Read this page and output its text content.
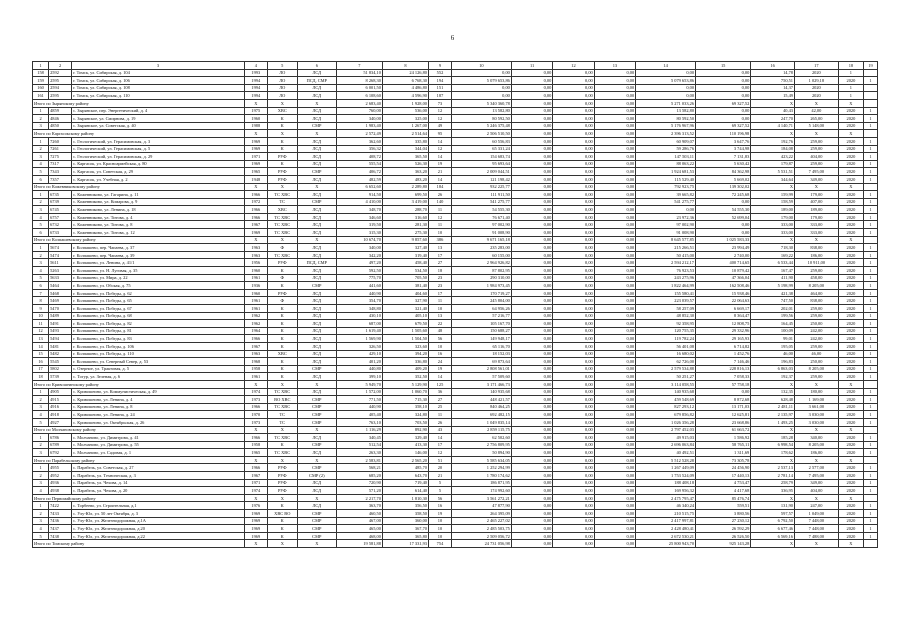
6
1	2	3	4	5	6	7	8	9	10	11	12	13	14	15	16	17	18	19
158	2592	г. Томск, ул. Сибирская, д. 104	1993	ЛО	ЛСД	51 834,10	24 126,80	552	0,00	0,00	0,00	0,00	0,00	0,00	14,78	2020	1	
159	2595	г. Томск, ул. Сибирская, д. 106	1994	ЛО	ПСД, СМР	8 268,30	6 768,30	194	5 079 653,86	0,00	0,00	0,00	5 079 653,86	0,00	750,51	1 029,18	2020	1
160	2594	г. Томск, ул. Сибирская, д. 108	1994	ЛО	ЛСД	6 001,50	4 486,80	151	0,00	0,00	0,00	0,00	0,00	0,00	14,37	2020	1	
161	2595	г. Томск, ул. Сибирская, д. 110	1994	ЛО	ЛСД	6 108,60	4 596,90	187	0,00	0,00	0,00	0,00	0,00	0,00	15,49	2020	1	
Итого по Зырянскому району			X	X	X	2 683,40	1 928,00	73	5 340 360,78	0,00	0,00	0,00	5 271 033,26	69 327,52	X	X	X	
1	4859	с. Зырянское, пер. Энергетический, д. 4	1975	ХВС	ЛСД	760,00	536,00	12	13 582,80	0,00	0,00	0,00	13 582,80	0,00	40,43	42,00	2020	1
2	4846	с. Зырянское, ул. Смирнова, д. 19	1960	К	ЛСД	340,00	325,00	12	80 592,50	0,00	0,00	0,00	80 592,50	0,00	247,70	265,00	2020	1
3	4850	с. Зырянское, ул. Советская, д. 40	1988	К	СМР	1 983,40	1 267,00	49	5 246 375,48	0,00	0,00	0,00	5 176 967,96	69 327,52	4 140,71	5 148,00	2020	1
Итого по Каргасокскому району			X	X	X	2 572,49	2 514,64	95	2 506 510,50	0,00	0,00	0,00	2 396 313,52	110 196,98	X	X	X	
1	7260	с. Геологический, ул. Герасимовская, д. 3	1969	К	ЛСД	362,60	335,80	14	60 556,83	0,00	0,00	0,00	60 909,07	3 647,76	192,76	259,00	2020	1
2	7261	с. Геологический, ул. Герасимовская, д. 5	1969	К	ЛСД	356,32	344,04	12	65 331,24	0,00	0,00	0,00	59 286,76	3 744,98	184,08	259,00	2020	1
3	7275	с. Геологический, ул. Герасимовская, д. 29	1971	РУФ	ЛСД	408,72	365,50	14	154 683,74	0,00	0,00	0,00	147 503,11	7 131,83	423,22	404,00	2020	1
4	7317	с. Каргасок, ул. Красноармейская, д. 80	1969	К	ЛСД	555,54	526,30	19	95 693,64	0,00	0,00	0,00	88 063,22	5 630,42	179,87	259,00	2020	1
5	7343	с. Каргасок, ул. Советская, д. 29	1965	РУФ	СМР	406,72	363,20	21	2 009 044,51	0,00	0,00	0,00	1 924 681,53	84 362,98	5 531,51	7 495,00	2020	1
6	7357	с. Каргасок, ул. Учебная, д. 2	1948	РУФ	ЛСД	482,59	483,20	14	121 198,42	0,00	0,00	0,00	115 529,40	5 669,02	344,64	349,00	2020	1
Итого по Кожевниковскому району			X	X	X	6 652,60	2 289,80	184	932 225,77	0,00	0,00	0,00	792 923,75	139 302,02	X	X	X	
1	6735	с. Кожевниково, ул. Гагарина, д. 11	1966	ТС ХВС	ЛСД	914,50	699,50	26	111 911,50	0,00	0,00	0,00	39 665,82	72 245,68	159,99	179,00	2020	1
2	6739	с. Кожевниково, ул. Комарова, д. 9	1972	ТС	СМР	4 410,00	3 419,00	140	541 275,77	0,00	0,00	0,00	541 275,77	0,00	158,59	407,00	2020	1
3	6745	с. Кожевниково, ул. Ленина, д. 18	1966	ХВС	ЛСД	348,70	288,70	11	54 555,30	0,00	0,00	0,00	0,00	54 555,30	189,00	189,00	2020	1
4	6757	с. Кожевниково, ул. Титова, д. 4	1966	ТС ХВС	ЛСД	346,60	316,60	12	76 671,40	0,00	0,00	0,00	23 972,36	52 699,04	179,00	179,00	2020	1
5	6732	с. Кожевниково, ул. Титова, д. 8	1967	ТС ХВС	ЛСД	319,50	281,30	11	97 002,90	0,00	0,00	0,00	97 002,90	0,00	333,00	333,00	2020	1
6	6733	с. Кожевниково, ул. Титова, д. 12	1969	ТС ХВС	ЛСД	315,30	275,30	10	91 008,90	0,00	0,00	0,00	91 008,90	0,00	333,00	333,00	2020	1
Итого по Колпашевскому району			X	X	X	10 674,70	9 857,60	386	9 671 165,18	0,00	0,00	0,00	8 645 577,85	1 025 583,33	X	X	X	
1	5674	г. Колпашево, пер. Чапаева, д. 37	1963	Ф	ЛСД	340,00	327,40	13	235 283,00	0,00	0,00	0,00	215 266,51	23 994,49	718,30	838,00	2020	1
2	5474	г. Колпашево, пер. Чапаева, д. 39	1963	ТС ХВС	ЛСД	342,20	319,40	17	60 155,00	0,00	0,00	0,00	50 415,00	2 740,00	169,22	186,00	2020	1
3	5611	г. Колпашево, ул. Ленина, д. 41/1	1956	РУФ	ПСД, СМР	497,20	458,40	27	2 964 926,82	0,00	0,00	0,00	2 594 212,17	400 714,65	6 533,44	10 911,00	2020	1
4	5263	г. Колпашево, ул. Н. Луговая, д. 35	1960	К	ЛСД	592,50	534,50	18	87 802,95	0,00	0,00	0,00	76 923,53	10 879,42	167,47	259,00	2020	1
5	5633	г. Колпашево, ул. Мира, д. 22	1961	Ф	ЛСД	775,70	705,50	23	290 310,00	0,00	0,00	0,00	243 275,96	47 366,04	411,90	458,00	2020	1
6	5464	г. Колпашево, ул. Обская, д. 75	1936	К	СМР	441,60	381,40	23	1 984 973,45	0,00	0,00	0,00	1 822 464,99	162 508,46	5 198,99	8 205,00	2020	1
7	5468	г. Колпашево, ул. Победы, д. 62	1960	РУФ	ЛСД	440,90	404,60	17	170 719,27	0,00	0,00	0,00	155 580,41	15 938,46	421,38	464,00	2020	1
8	5469	г. Колпашево, ул. Победы, д. 65	1961	Ф	ЛСД	354,70	327,90	11	245 804,00	0,00	0,00	0,00	223 039,57	22 064,63	747,50	838,00	2020	1
9	5470	г. Колпашево, ул. Победы, д. 67	1961	К	ЛСД	348,80	321,40	10	64 956,26	0,00	0,00	0,00	58 257,09	6 669,17	202,01	259,00	2020	1
10	5489	г. Колпашево, ул. Победы, д. 68	1962	К	ЛСД	430,10	405,10	13	57 216,77	0,00	0,00	0,00	48 852,30	8 364,47	199,56	259,00	2020	1
11	5491	г. Колпашево, ул. Победы, д. 82	1962	К	ЛСД	687,00	679,50	22	105 167,70	0,00	0,00	0,00	92 358,95	12 808,75	164,45	250,00	2020	1
12	5493	г. Колпашево, ул. Победы, д. 81	1964	К	ЛСД	1 619,40	1 505,60	48	150 688,27	0,00	0,00	0,00	120 755,35	29 332,96	100,09	242,00	2020	1
13	5494	г. Колпашево, ул. Победы, д. 83	1966	К	ЛСД	1 569,90	1 504,50	56	149 948,17	0,00	0,00	0,00	119 782,24	29 165,93	99,01	242,00	2020	1
14	5481	г. Колпашево, ул. Победы, д. 106	1967	К	ЛСД	326,50	323,60	10	65 116,70	0,00	0,00	0,00	56 401,08	6 714,82	195,05	259,00	2020	1
15	5482	г. Колпашево, ул. Победы, д. 110	1963	ХВС	ЛСД	429,10	394,20	16	18 152,03	0,00	0,00	0,00	16 680,02	1 452,76	46,00	46,00	2020	1
16	5545	г. Колпашево, ул. Северный Север, д. 53	1968	К	ЛСД	401,20	336,80	24	69 873,64	0,00	0,00	0,00	62 726,00	7 146,46	196,83	250,00	2020	1
17	5802	с. Озерное, ул. Трактовая, д. 5	1958	К	СМР	440,80	409,20	19	2 808 561,01	0,00	0,00	0,00	2 579 534,88	228 816,13	6 863,03	8 205,00	2020	1
18	5739	с. Тогур, ул. Зеленая, д. 6	1961	К	ЛСД	399,10	352,50	14	57 509,60	0,00	0,00	0,00	50 251,27	7 058,33	192,37	259,00	2020	1
Итого по Кривошеинскому району			X	X	X	5 949,70	5 129,90	125	3 171 466,73	0,00	0,00	0,00	3 114 058,55	57 758,18	X	X	X	
1	4905	с. Кривошеино, ул. Коммунистическая, д. 49	1974	ТС ХВС	ЛСД	1 572,00	1 060,70	36	140 935,68	0,00	0,00	0,00	140 935,68	0,00	132,35	180,00	2020	1
2	4915	с. Кривошеино, ул. Ленина, д. 4	1973	ВО ХВС	СМР	771,50	715,30	27	448 421,57	0,00	0,00	0,00	459 548,69	8 872,68	628,48	1 169,00	2020	1
3	4916	с. Кривошеино, ул. Ленина, д. 8	1966	ТС ХВС	СМР	440,90	358,10	25	840 464,25	0,00	0,00	0,00	827 293,12	13 171,03	2 481,11	3 661,00	2020	1
4	4918	с. Кривошеино, ул. Ленина, д. 24	1970	ТС	СМР	405,40	324,80	11	692 482,15	0,00	0,00	0,00	679 856,82	12 625,81	2 135,97	3 030,00	2020	1
5	4927	с. Кривошеино, ул. Октябрьская, д. 26	1973	ТС	СМР	763,10	703,50	26	1 049 835,14	0,00	0,00	0,00	1 026 356,28	23 668,86	1 493,25	3 030,00	2020	1
Итого по Молчановскому району			X	X	X	1 116,29	892,90	43	2 859 115,75	0,00	0,00	0,00	2 797 452,03	61 663,72	X	X	X	
1	6786	с. Молчаново, ул. Димитрова, д. 41	1966	ТС ХВС	ЛСД	340,45	329,40	14	62 502,60	0,00	0,00	0,00	49 915,03	1 586,92	185,28	340,00	2020	1
2	6789	с. Молчаново, ул. Димитрова, д. 55	1958	К	СМР	512,54	413,30	17	2 756 809,95	0,00	0,00	0,00	2 696 063,84	58 765,11	6 998,54	8 205,00	2020	1
3	6792	с. Молчаново, ул. Садовая, д. 1	1965	ТС ХВС	ЛСД	263,30	146,00	12	50 894,90	0,00	0,00	0,00	40 492,51	1 311,69	178,62	186,00	2020	1
Итого по Парабельскому району			X	X	X	2 583,81	2 565,20	51	5 585 634,05	0,00	0,00	0,00	5 512 528,28	73 305,78	X	X	X	
1	4955	с. Парабель, ул. Советская, д. 27	1966	РУФ	СМР	568,21	485,70	20	1 252 294,99	0,00	0,00	0,00	1 267 449,09	24 456,90	2 537,13	2 577,00	2020	1
2	4952	с. Парабель, ул. Техническая, д. 3	1967	РУФ	СМР (2)	685,20	643,70	21	1 780 174,62	0,00	0,00	0,00	1 753 524,09	17 440,13	2 781,14	7 495,00	2020	1
3	4936	с. Парабель, ул. Чехова, д. 14	1971	РУФ	ЛСД	720,90	719,40	5	186 871,95	0,00	0,00	0,00	188 408,18	4 753,47	258,79	349,00	2020	1
4	4938	с. Парабель, ул. Чехова, д. 20	1974	РУФ	ЛСД	571,20	614,40	5	174 992,60	0,00	0,00	0,00	169 956,32	4 417,68	336,95	404,00	2020	1
Итого по Первомайскому району			X	X	X	2 217,70	1 810,30	56	3 561 272,21	0,00	0,00	0,00	2 475 795,47	85 476,74	X	X	X	
1	7422	с. Торбеево, ул. Строительная, д.1	1976	К	ЛСД	363,70	356,50	16	47 877,90	0,00	0,00	0,00	46 340,24	559,51	131,90	247,00	2020	1
2	7433	с. Улу-Юл, ул. 50 лет Октября, д. 3	1969	ХВС ВО	СМР	460,50	358,50	19	264 395,09	0,00	0,00	0,00	210 515,75	3 880,56	597,57	1 049,00	2020	1
3	7436	с. Улу-Юл, ул. Железнодорожная, д.1А	1969	К	СМР	467,00	360,00	10	2 465 227,02	0,00	0,00	0,00	2 417 997,81	27 230,12	6 792,50	7 448,00	2020	1
4	7437	с. Улу-Юл, ул. Железнодорожная, д.20	1969	К	СМР	465,00	367,70	10	2 485 503,75	0,00	0,00	0,00	2 428 480,41	26 592,29	6 677,46	7 448,00	2020	1
5	7438	с. Улу-Юл, ул. Железнодорожная, д.22	1969	К	СМР	468,00	365,80	10	2 509 056,72	0,00	0,00	0,00	2 672 530,21	26 526,50	6 569,16	7 488,00	2020	1
Итого по Томскому району			X	X	X	19 581,88	17 331,93	754	24 731 056,98	0,00	0,00	0,00	25 800 943,70	925 143,28	X	X	X	
